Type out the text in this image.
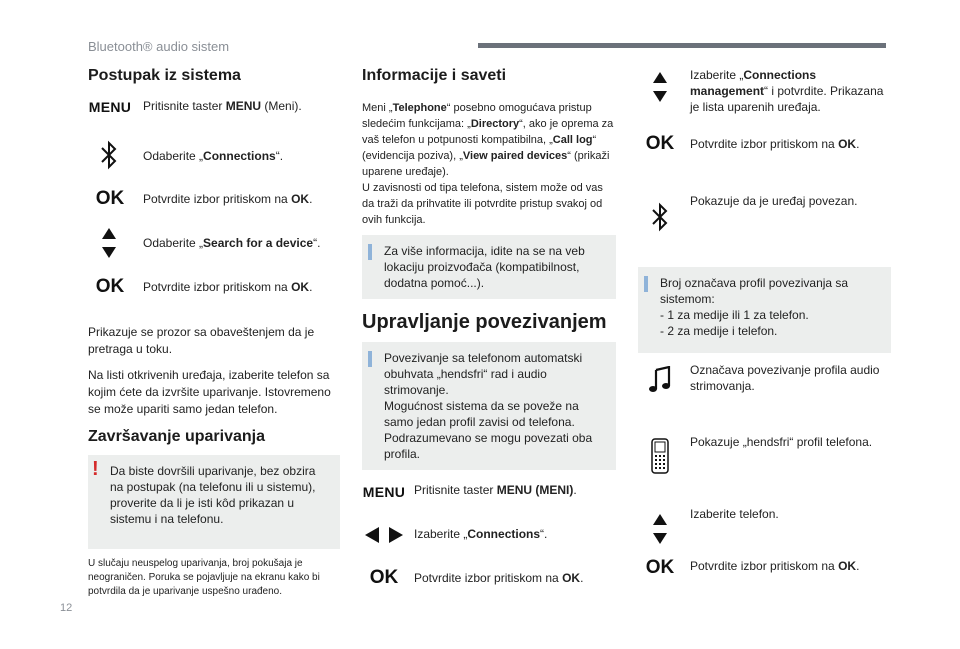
Bluetooth® audio sistem
Postupak iz sistema
MENU Pritisnite taster MENU (Meni).
Odaberite „Connections“.
OK	Potvrdite izbor pritiskom na OK.
Odaberite „Search for a device“.
OK	Potvrdite izbor pritiskom na OK.
Prikazuje se prozor sa obaveštenjem da je pretraga u toku.
Na listi otkrivenih uređaja, izaberite telefon sa kojim ćete da izvršite uparivanje. Istovremeno se može upariti samo jedan telefon.
Završavanje uparivanja
! Da biste dovršili uparivanje, bez obzira na postupak (na telefonu ili u sistemu), proverite da li je isti kôd prikazan u sistemu i na telefonu.
U slučaju neuspelog uparivanja, broj pokušaja je neograničen. Poruka se pojavljuje na ekranu kako bi potvrdila da je uparivanje uspešno urađeno.
12
Informacije i saveti
Meni „Telephone“ posebno omogućava pristup sledećim funkcijama: „Directory“, ako je oprema za vaš telefon u potpunosti kompatibilna, „Call log“ (evidencija poziva), „View paired devices“ (prikaži uparene uređaje).
U zavisnosti od tipa telefona, sistem može od vas da traži da prihvatite ili potvrdite pristup svakoj od ovih funkcija.
Za više informacija, idite na se na veb lokaciju proizvođača (kompatibilnost, dodatna pomoć...).
Upravljanje povezivanjem
Povezivanje sa telefonom automatski obuhvata „hendsfri“ rad i audio strimovanje.
Mogućnost sistema da se poveže na samo jedan profil zavisi od telefona. Podrazumevano se mogu povezati oba profila.
MENU Pritisnite taster MENU (MENI).
Izaberite „Connections“.
OK	Potvrdite izbor pritiskom na OK.
Izaberite „Connections management“ i potvrdite. Prikazana je lista uparenih uređaja.
OK	Potvrdite izbor pritiskom na OK.
Pokazuje da je uređaj povezan.
Broj označava profil povezivanja sa sistemom:
- 1 za medije ili 1 za telefon.
- 2 za medije i telefon.
Označava povezivanje profila audio strimovanja.
Pokazuje „hendsfri“ profil telefona.
Izaberite telefon.
OK	Potvrdite izbor pritiskom na OK.
